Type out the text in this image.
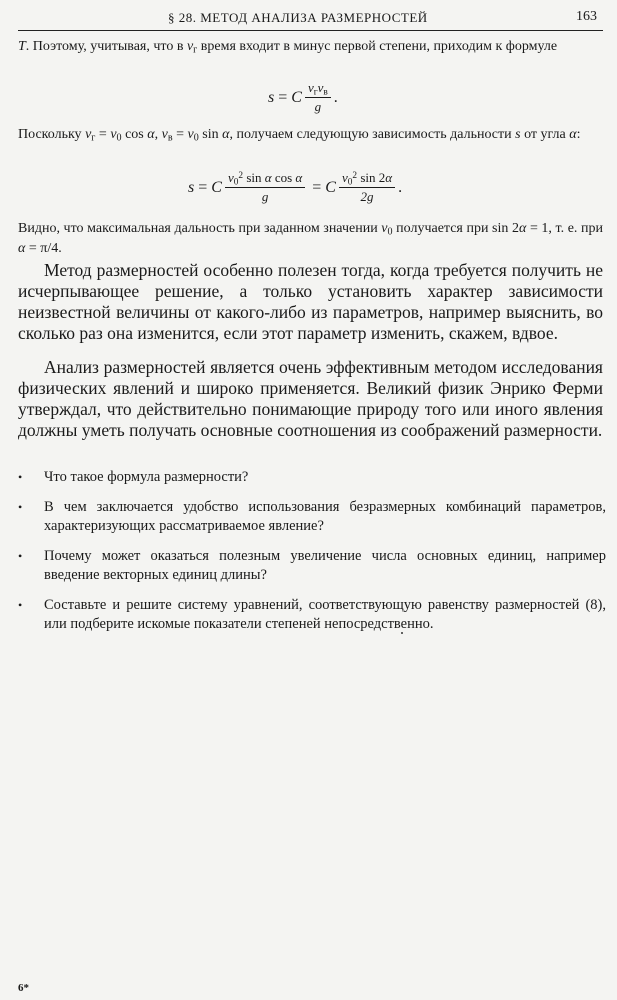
§ 28. МЕТОД АНАЛИЗА РАЗМЕРНОСТЕЙ	163

Т. Поэтому, учитывая, что в $v_г$ время входит в минус первой степени, приходим к формуле

s = C $\frac{v_гv_в}{g}$ .

Поскольку $v_г = v_0$ cos α, $v_в = v_0$ sin α, получаем следующую зависимость дальности s от угла α:

s = C $\frac{v_0^2 \sin \alpha \cos \alpha}{g} = C \frac{v_0^2 \sin 2\alpha}{2g}$ .

Видно, что максимальная дальность при заданном значении $v_0$ получается при sin 2α = 1, т. е. при α = π/4.

Метод размерностей особенно полезен тогда, когда требуется получить не исчерпывающее решение, а только установить характер зависимости неизвестной величины от какого-либо из параметров, например выяснить, во сколько раз она изменится, если этот параметр изменить, скажем, вдвое.

Анализ размерностей является очень эффективным методом исследования физических явлений и широко применяется. Великий физик Энрико Ферми утверждал, что действительно понимающие природу того или иного явления должны уметь получать основные соотношения из соображений размерности.

• Что такое формула размерности?
• В чем заключается удобство использования безразмерных комбинаций параметров, характеризующих рассматриваемое явление?
• Почему может оказаться полезным увеличение числа основных единиц, например введение векторных единиц длины?
• Составьте и решите систему уравнений, соответствующую равенству размерностей (8), или подберите искомые показатели степеней непосредственно.
6*
